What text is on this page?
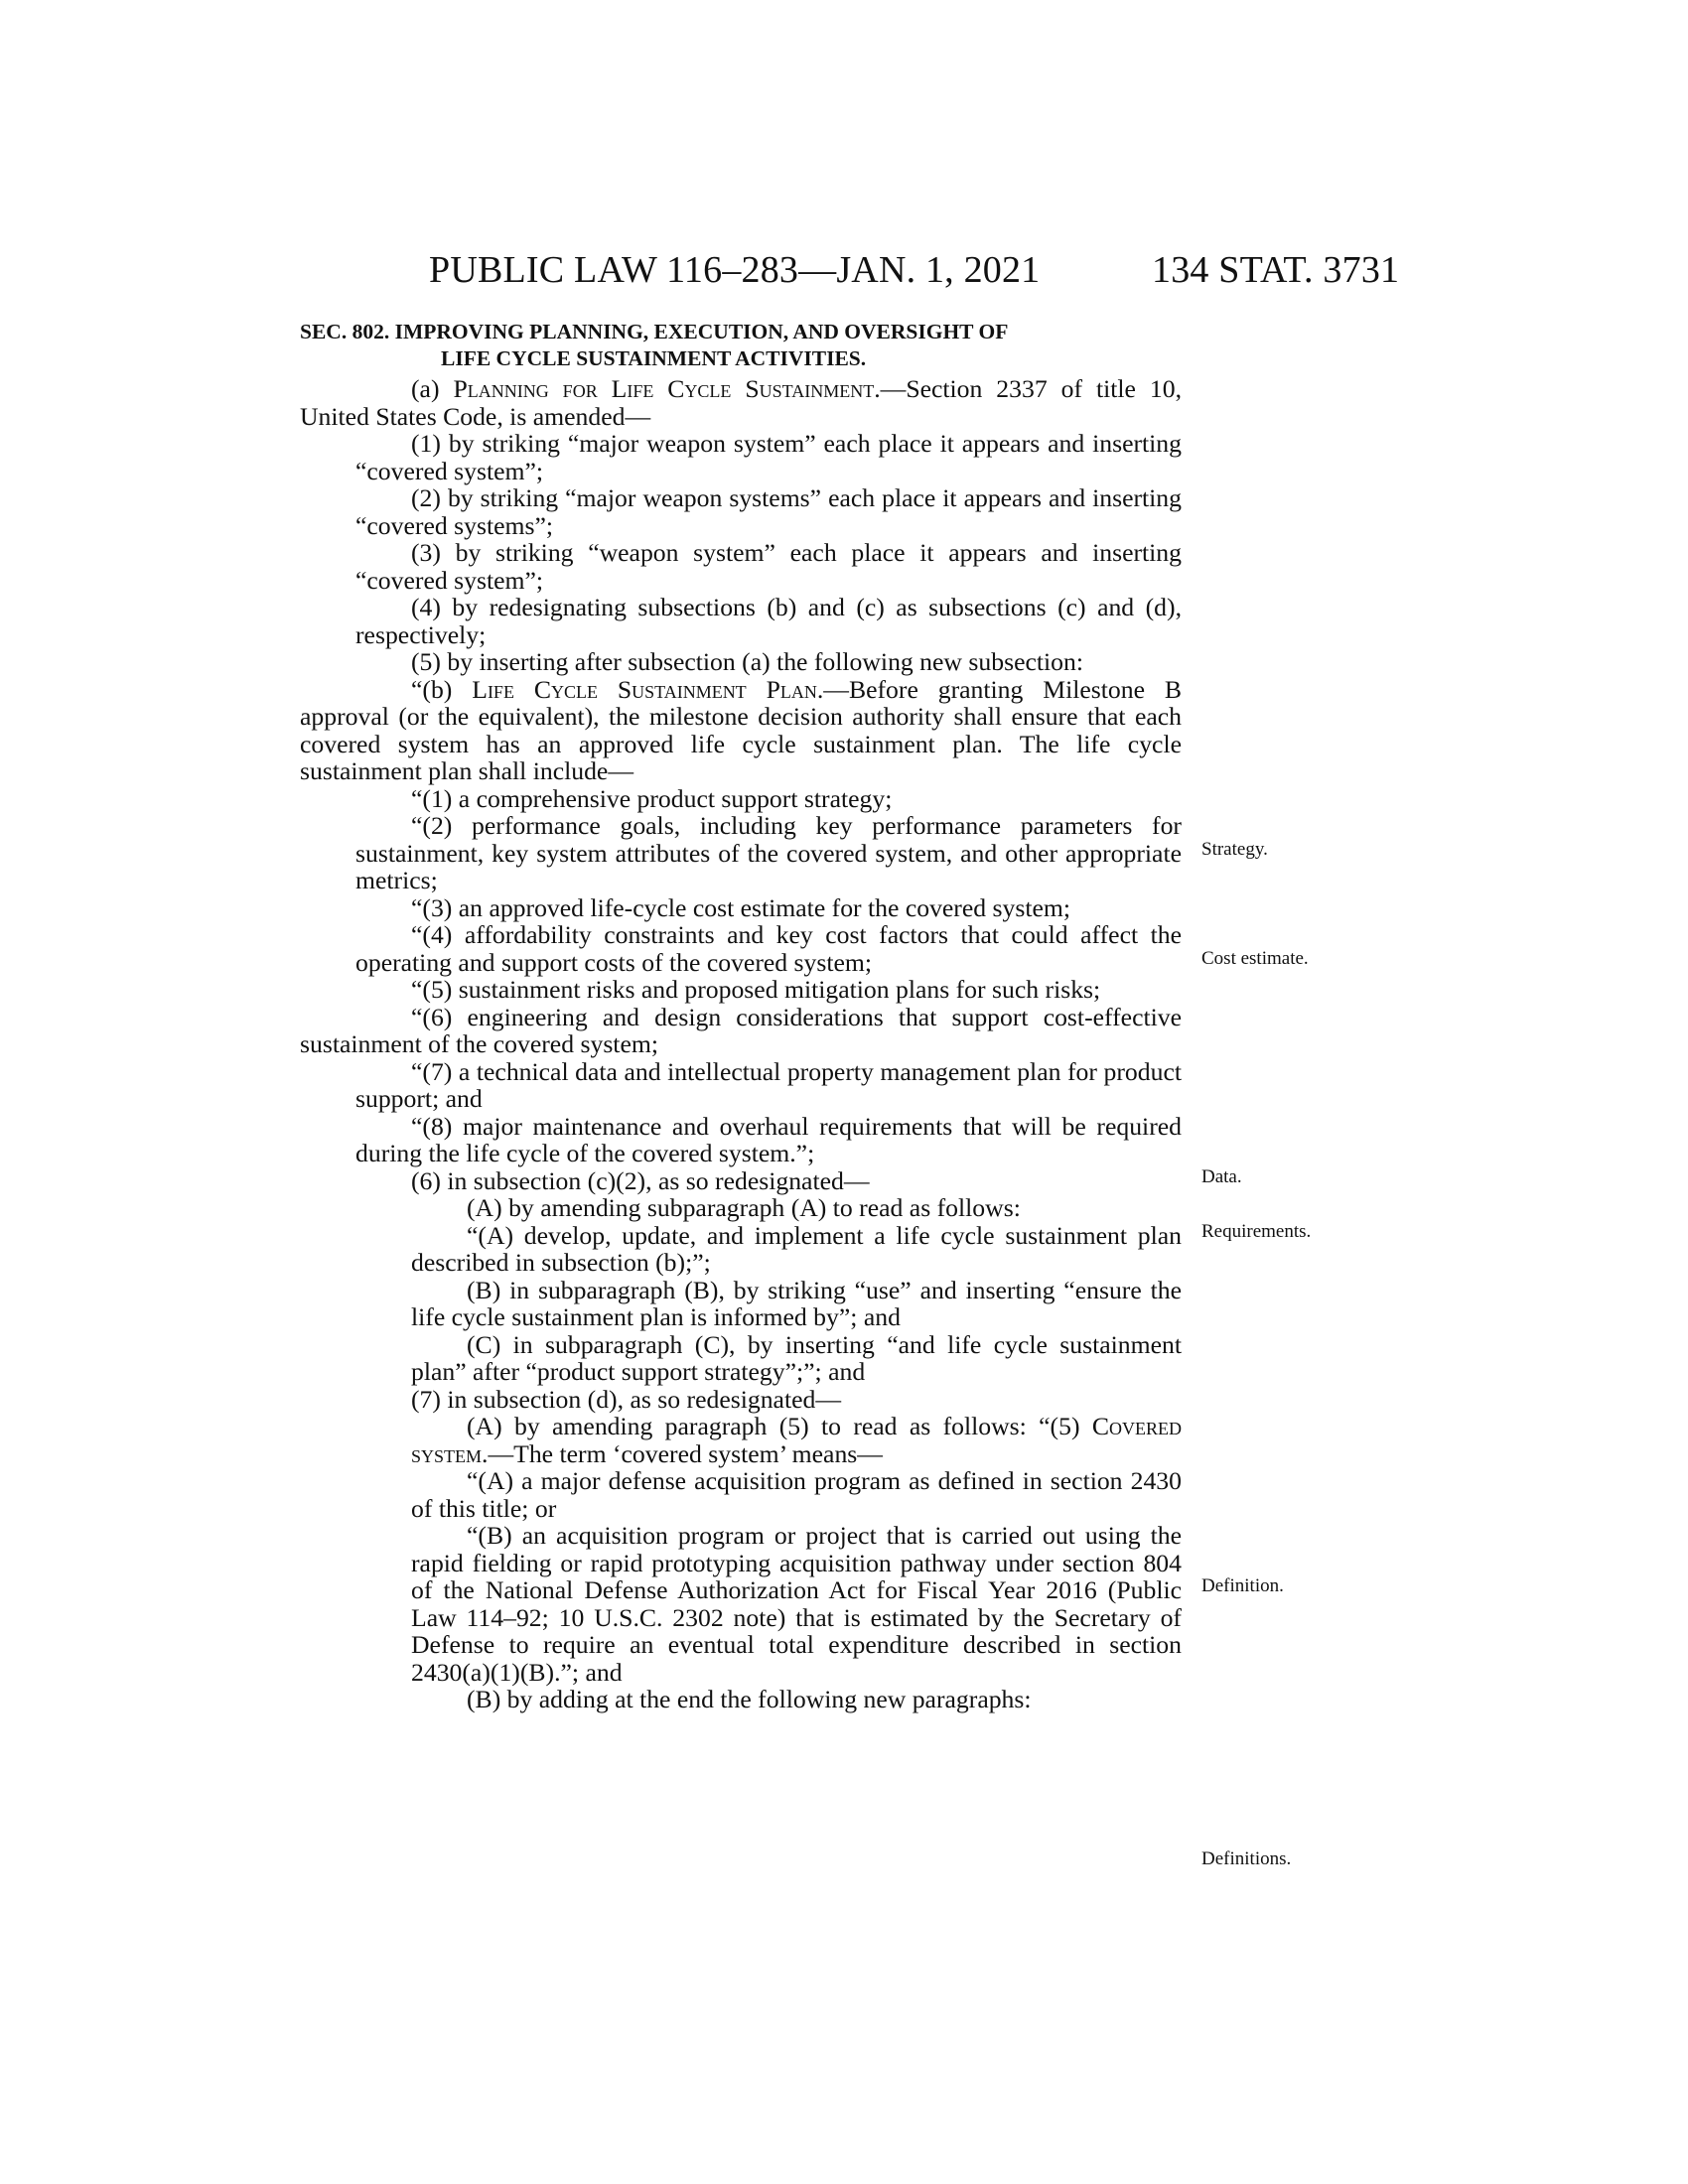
PUBLIC LAW 116–283—JAN. 1, 2021	134 STAT. 3731
SEC. 802. IMPROVING PLANNING, EXECUTION, AND OVERSIGHT OF
LIFE CYCLE SUSTAINMENT ACTIVITIES.

(a) Planning for Life Cycle Sustainment.—Section 2337 of title 10, United States Code, is amended—

(1) by striking “major weapon system” each place it appears and inserting “covered system”;

(2) by striking “major weapon systems” each place it appears and inserting “covered systems”;

(3) by striking “weapon system” each place it appears and inserting “covered system”;

(4) by redesignating subsections (b) and (c) as subsections (c) and (d), respectively;

(5) by inserting after subsection (a) the following new subsection:

“(b) Life Cycle Sustainment Plan.—Before granting Milestone B approval (or the equivalent), the milestone decision authority shall ensure that each covered system has an approved life cycle sustainment plan. The life cycle sustainment plan shall include—

“(1) a comprehensive product support strategy;

“(2) performance goals, including key performance parameters for sustainment, key system attributes of the covered system, and other appropriate metrics;

“(3) an approved life-cycle cost estimate for the covered system;

“(4) affordability constraints and key cost factors that could affect the operating and support costs of the covered system;

“(5) sustainment risks and proposed mitigation plans for such risks;

“(6) engineering and design considerations that support cost-effective sustainment of the covered system;

“(7) a technical data and intellectual property management plan for product support; and

“(8) major maintenance and overhaul requirements that will be required during the life cycle of the covered system.”;

(6) in subsection (c)(2), as so redesignated—

(A) by amending subparagraph (A) to read as follows:

“(A) develop, update, and implement a life cycle sustainment plan described in subsection (b);”;

(B) in subparagraph (B), by striking “use” and inserting “ensure the life cycle sustainment plan is informed by”; and

(C) in subparagraph (C), by inserting “and life cycle sustainment plan” after “product support strategy”;”; and

(7) in subsection (d), as so redesignated—

(A) by amending paragraph (5) to read as follows: “(5) Covered system.—The term ‘covered system’ means—

“(A) a major defense acquisition program as defined in section 2430 of this title; or

“(B) an acquisition program or project that is carried out using the rapid fielding or rapid prototyping acquisition pathway under section 804 of the National Defense Authorization Act for Fiscal Year 2016 (Public Law 114–92; 10 U.S.C. 2302 note) that is estimated by the Secretary of Defense to require an eventual total expenditure described in section 2430(a)(1)(B).”; and

(B) by adding at the end the following new paragraphs:

Strategy.
Cost estimate.
Data.
Requirements.
Definition.
Definitions.
